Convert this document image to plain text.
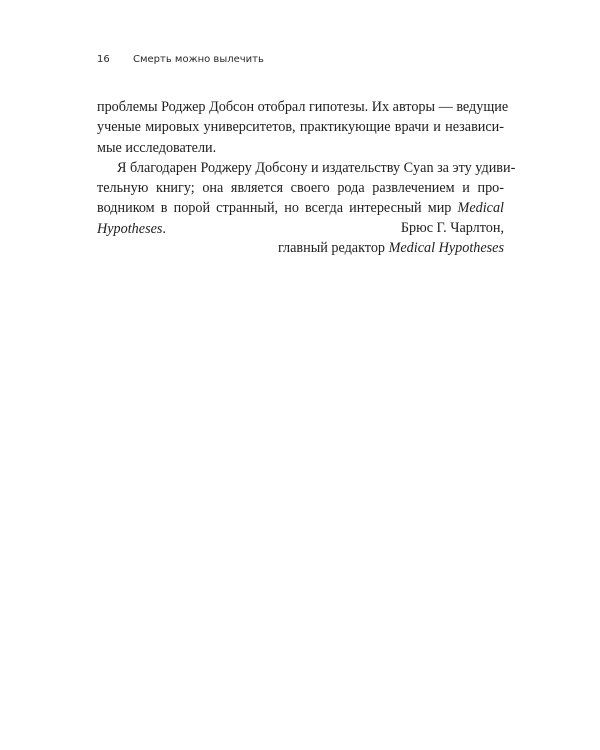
16 Смерть можно вылечить
проблемы Роджер Добсон отобрал гипотезы. Их авторы — ведущие
ученые мировых университетов, практикующие врачи и независи-
мые исследователи.
Я благодарен Роджеру Добсону и издательству Cyan за эту удиви-
тельную книгу; она является своего рода развлечением и про-
водником в порой странный, но всегда интересный мир Medical
Hypotheses.	Брюс Г. Чарлтон,
главный редактор Medical Hypotheses
